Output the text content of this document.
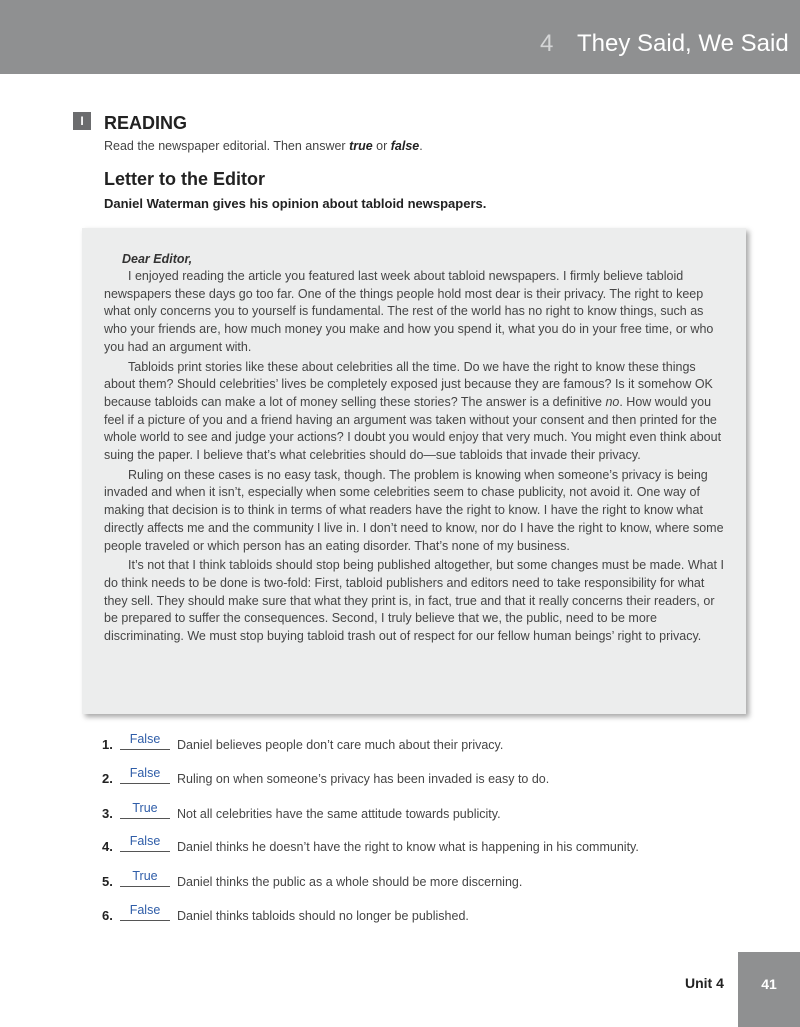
4 They Said, We Said
I	READING
Read the newspaper editorial. Then answer true or false.
Letter to the Editor
Daniel Waterman gives his opinion about tabloid newspapers.
Dear Editor,

I enjoyed reading the article you featured last week about tabloid newspapers. I firmly believe tabloid newspapers these days go too far. One of the things people hold most dear is their privacy. The right to keep what only concerns you to yourself is fundamental. The rest of the world has no right to know things, such as who your friends are, how much money you make and how you spend it, what you do in your free time, or who you had an argument with.

Tabloids print stories like these about celebrities all the time. Do we have the right to know these things about them? Should celebrities’ lives be completely exposed just because they are famous? Is it somehow OK because tabloids can make a lot of money selling these stories? The answer is a definitive no. How would you feel if a picture of you and a friend having an argument was taken without your consent and then printed for the whole world to see and judge your actions? I doubt you would enjoy that very much. You might even think about suing the paper. I believe that’s what celebrities should do—sue tabloids that invade their privacy.

Ruling on these cases is no easy task, though. The problem is knowing when someone’s privacy is being invaded and when it isn’t, especially when some celebrities seem to chase publicity, not avoid it. One way of making that decision is to think in terms of what readers have the right to know. I have the right to know what directly affects me and the community I live in. I don’t need to know, nor do I have the right to know, where some people traveled or which person has an eating disorder. That’s none of my business.

It’s not that I think tabloids should stop being published altogether, but some changes must be made. What I do think needs to be done is two-fold: First, tabloid publishers and editors need to take responsibility for what they sell. They should make sure that what they print is, in fact, true and that it really concerns their readers, or be prepared to suffer the consequences. Second, I truly believe that we, the public, need to be more discriminating. We must stop buying tabloid trash out of respect for our fellow human beings’ right to privacy.

1.	False	Daniel believes people don’t care much about their privacy.
2.	False	Ruling on when someone’s privacy has been invaded is easy to do.
3.	True	Not all celebrities have the same attitude towards publicity.
4.	False	Daniel thinks he doesn’t have the right to know what is happening in his community.
5.	True	Daniel thinks the public as a whole should be more discerning.
6.	False	Daniel thinks tabloids should no longer be published.
Unit 4	41
